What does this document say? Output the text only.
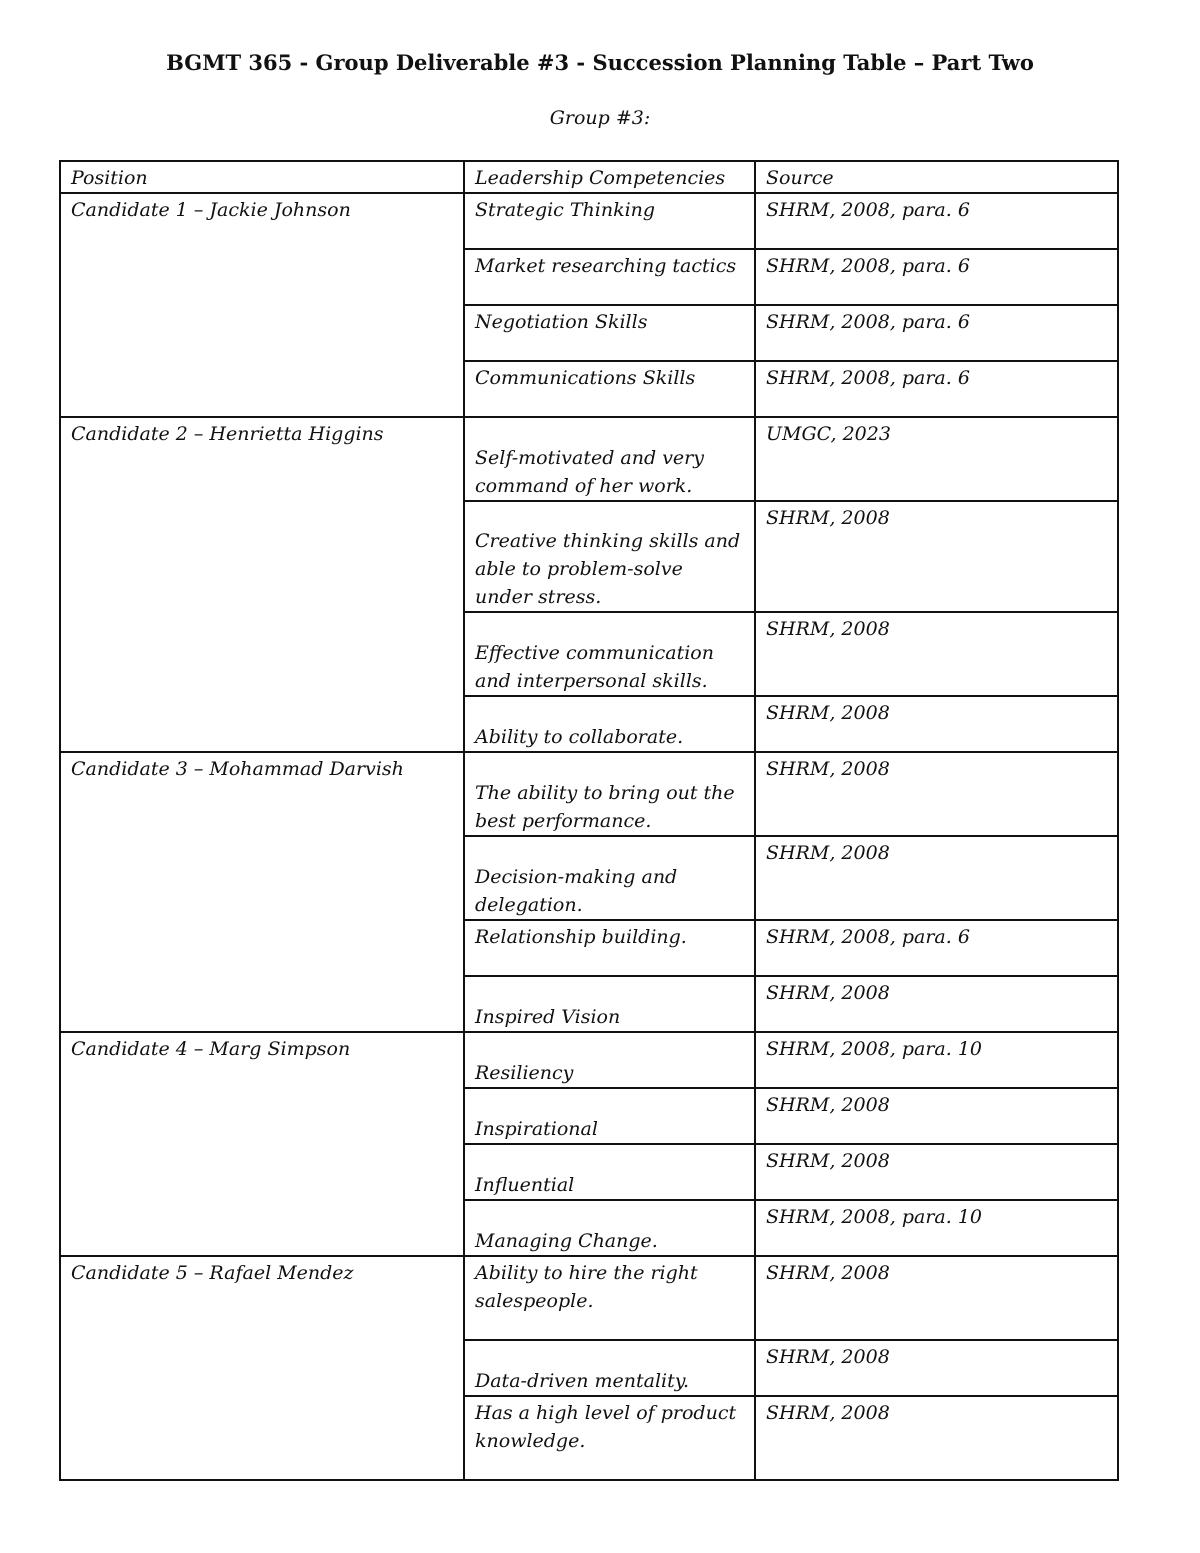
BGMT 365 - Group Deliverable #3 - Succession Planning Table – Part Two
Group #3:
Position	Leadership Competencies	Source
Candidate 1 – Jackie Johnson	Strategic Thinking	SHRM, 2008, para. 6
	Market researching tactics	SHRM, 2008, para. 6
	Negotiation Skills	SHRM, 2008, para. 6
	Communications Skills	SHRM, 2008, para. 6
Candidate 2 – Henrietta Higgins	Self-motivated and very command of her work.	UMGC, 2023
	Creative thinking skills and able to problem-solve under stress.	SHRM, 2008
	Effective communication and interpersonal skills.	SHRM, 2008
	Ability to collaborate.	SHRM, 2008
Candidate 3 – Mohammad Darvish	The ability to bring out the best performance.	SHRM, 2008
	Decision-making and delegation.	SHRM, 2008
	Relationship building.	SHRM, 2008, para. 6
	Inspired Vision	SHRM, 2008
Candidate 4 – Marg Simpson	Resiliency	SHRM, 2008, para. 10
	Inspirational	SHRM, 2008
	Influential	SHRM, 2008
	Managing Change.	SHRM, 2008, para. 10
Candidate 5 – Rafael Mendez	Ability to hire the right salespeople.	SHRM, 2008
	Data-driven mentality.	SHRM, 2008
	Has a high level of product knowledge.	SHRM, 2008
